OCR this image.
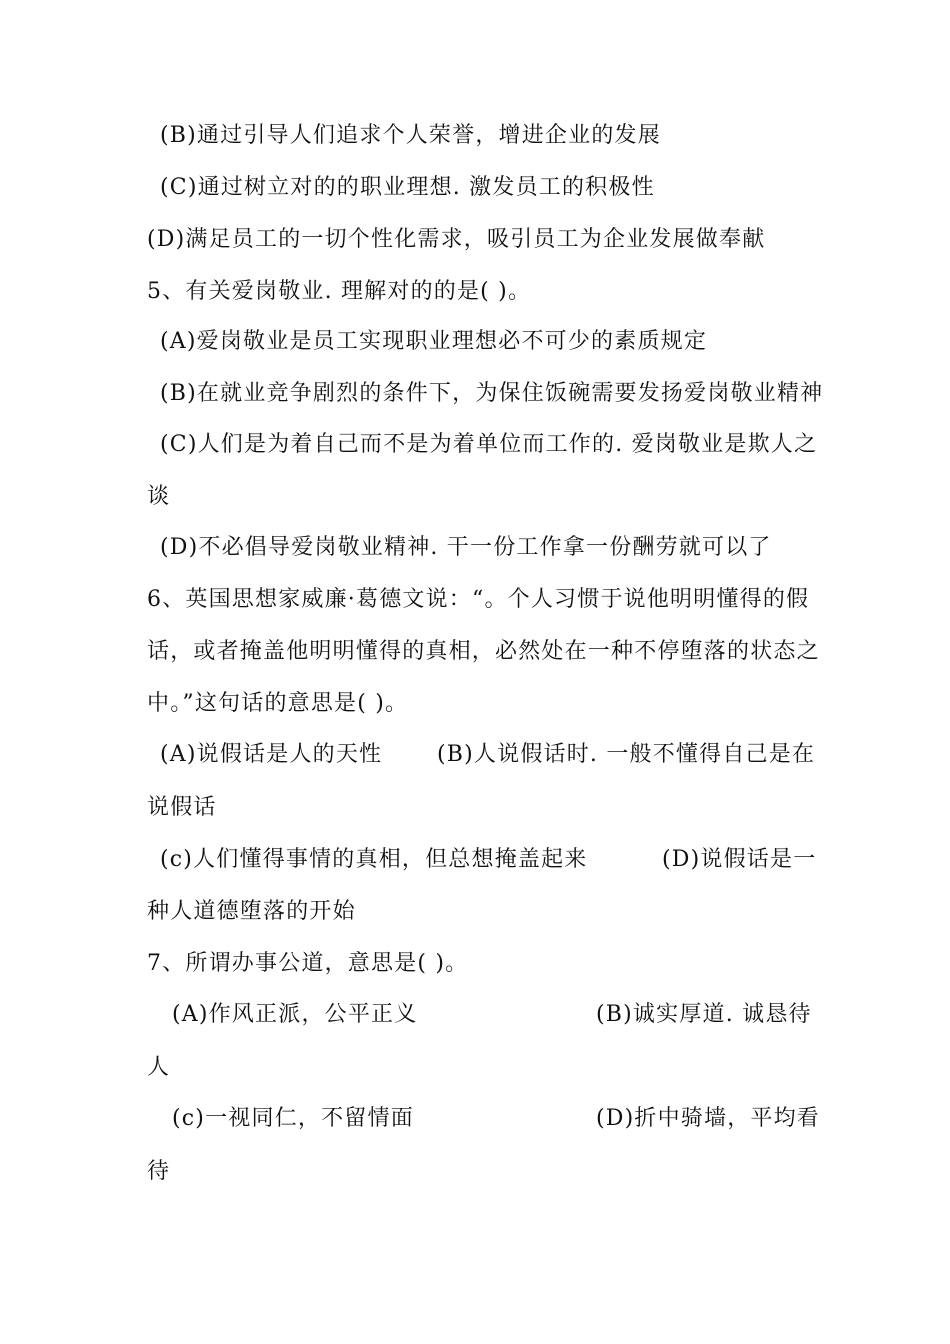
(B)通过引导人们追求个人荣誉，增进企业的发展
(C)通过树立对的的职业理想. 激发员工的积极性
(D)满足员工的一切个性化需求，吸引员工为企业发展做奉献
5、有关爱岗敬业. 理解对的的是( )。
(A)爱岗敬业是员工实现职业理想必不可少的素质规定
(B)在就业竞争剧烈的条件下，为保住饭碗需要发扬爱岗敬业精神
(C)人们是为着自己而不是为着单位而工作的. 爱岗敬业是欺人之
谈
(D)不必倡导爱岗敬业精神. 干一份工作拿一份酬劳就可以了
6、英国思想家威廉·葛德文说：“。个人习惯于说他明明懂得的假
话，或者掩盖他明明懂得的真相，必然处在一种不停堕落的状态之
中。”这句话的意思是( )。
(A)说假话是人的天性 (B)人说假话时. 一般不懂得自己是在
说假话
(c)人们懂得事情的真相，但总想掩盖起来	(D)说假话是一
种人道德堕落的开始
7、所谓办事公道，意思是( )。
(A)作风正派，公平正义	(B)诚实厚道. 诚恳待
人
(c)一视同仁，不留情面	(D)折中骑墙，平均看
待
